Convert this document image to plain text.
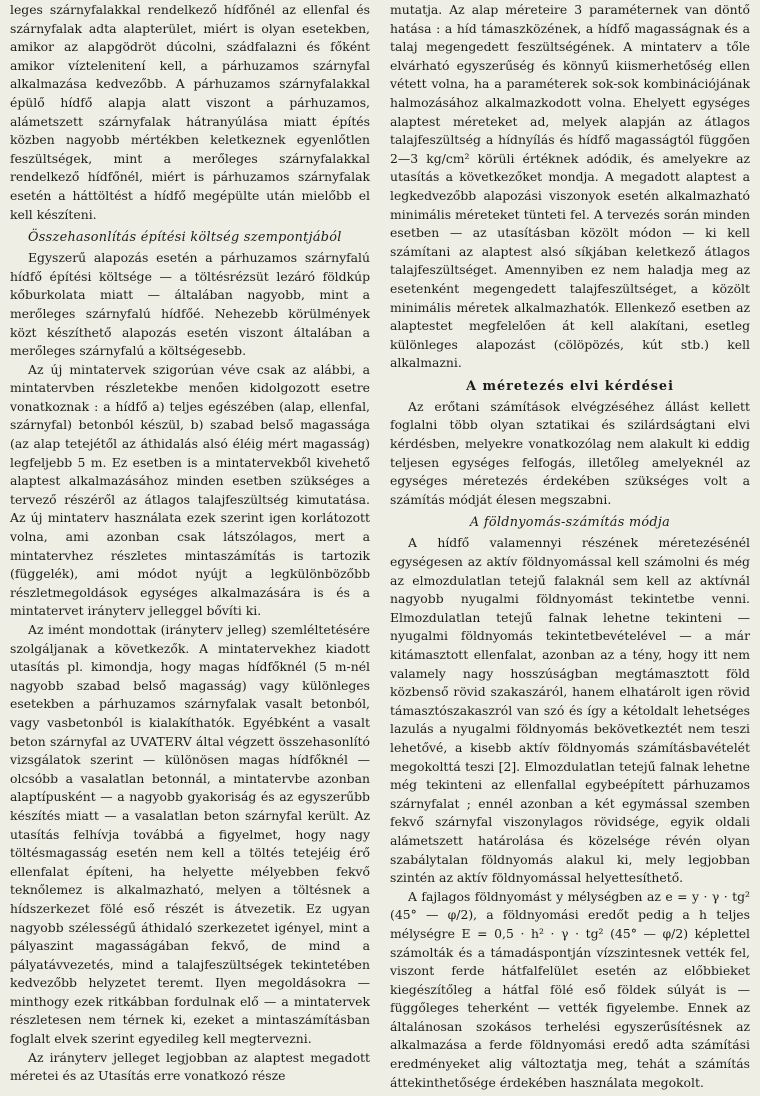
leges szárnyfalakkal rendelkező hídfőnél az ellenfal és szárnyfalak adta alapterület, miért is olyan esetekben, amikor az alapgödröt dúcolni, szádfalazni és főként amikor víztelenitení kell, a párhuzamos szárnyfal alkalmazása kedvezőbb. A párhuzamos szárnyfalakkal épülő hídfő alapja alatt viszont a párhuzamos, alámetszett szárnyfalak hátranyúlása miatt építés közben nagyobb mértékben keletkeznek egyenlőtlen feszültségek, mint a merőleges szárnyfalakkal rendelkező hídfőnél, miért is párhuzamos szárnyfalak esetén a háttöltést a hídfő megépülte után mielőbb el kell készíteni.

Összehasonlítás építési költség szempontjából

Egyszerű alapozás esetén a párhuzamos szárnyfalú hídfő építési költsége — a töltésrézsüt lezáró földkúp kőburkolata miatt — általában nagyobb, mint a merőleges szárnyfalú hídfőé. Nehezebb körülmények közt készíthető alapozás esetén viszont általában a merőleges szárnyfalú a költségesebb.

Az új mintatervek szigorúan véve csak az alábbi, a mintatervben részletekbe menően kidolgozott esetre vonatkoznak : a hídfő a) teljes egészében (alap, ellenfal, szárnyfal) betonból készül, b) szabad belső magassága (az alap tetejétől az áthidalás alsó éléig mért magasság) legfeljebb 5 m. Ez esetben is a mintatervekből kivehető alaptest alkalmazásához minden esetben szükséges a tervező részéről az átlagos talajfeszültség kimutatása. Az új mintaterv használata ezek szerint igen korlátozott volna, ami azonban csak látszólagos, mert a mintatervhez részletes mintaszámítás is tartozik (függelék), ami módot nyújt a legkülönbözőbb részletmegoldások egységes alkalmazására is és a mintatervet irányterv jelleggel bővíti ki.

Az imént mondottak (irányterv jelleg) szemléltetésére szolgáljanak a következők. A mintatervekhez kiadott utasítás pl. kimondja, hogy magas hídfőknél (5 m-nél nagyobb szabad belső magasság) vagy különleges esetekben a párhuzamos szárnyfalak vasalt betonból, vagy vasbetonból is kialakíthatók. Egyébként a vasalt beton szárnyfal az UVATERV által végzett összehasonlító vizsgálatok szerint — különösen magas hídfőknél — olcsóbb a vasalatlan betonnál, a mintatervbe azonban alaptípusként — a nagyobb gyakoriság és az egyszerűbb készítés miatt — a vasalatlan beton szárnyfal került. Az utasítás felhívja továbbá a figyelmet, hogy nagy töltésmagasság esetén nem kell a töltés tetejéig érő ellenfalat építeni, ha helyette mélyebben fekvő teknőlemez is alkalmazható, melyen a töltésnek a hídszerkezet fölé eső részét is átvezetik. Ez ugyan nagyobb szélességű áthidaló szerkezetet igényel, mint a pályaszint magasságában fekvő, de mind a pályatávvezetés, mind a talajfeszültségek tekintetében kedvezőbb helyzetet teremt. Ilyen megoldásokra — minthogy ezek ritkábban fordulnak elő — a mintatervek részletesen nem térnek ki, ezeket a mintaszámításban foglalt elvek szerint egyedileg kell megtervezni.

Az irányterv jelleget legjobban az alaptest megadott méretei és az Utasítás erre vonatkozó része

mutatja. Az alap méreteire 3 paraméternek van döntő hatása : a híd támaszközének, a hídfő magasságnak és a talaj megengedett feszültségének. A mintaterv a tőle elvárható egyszerűség és könnyű kiismerhetőség ellen vétett volna, ha a paraméterek sok-sok kombinációjának halmozásához alkalmazkodott volna. Ehelyett egységes alaptest méreteket ad, melyek alapján az átlagos talajfeszültség a hídnyílás és hídfő magasságtól függően 2—3 kg/cm² körüli értéknek adódik, és amelyekre az utasítás a következőket mondja. A megadott alaptest a legkedvezőbb alapozási viszonyok esetén alkalmazható minimális méreteket tünteti fel. A tervezés során minden esetben — az utasításban közölt módon — ki kell számítani az alaptest alsó síkjában keletkező átlagos talajfeszültséget. Amennyiben ez nem haladja meg az esetenként megengedett talajfeszültséget, a közölt minimális méretek alkalmazhatók. Ellenkező esetben az alaptestet megfelelően át kell alakítani, esetleg különleges alapozást (cölöpözés, kút stb.) kell alkalmazni.

A méretezés elvi kérdései

Az erőtani számítások elvégzéséhez állást kellett foglalni több olyan sztatikai és szilárdságtani elvi kérdésben, melyekre vonatkozólag nem alakult ki eddig teljesen egységes felfogás, illetőleg amelyeknél az egységes méretezés érdekében szükséges volt a számítás módját élesen megszabni.

A földnyomás-számítás módja

A hídfő valamennyi részének méretezésénél egységesen az aktív földnyomással kell számolni és még az elmozdulatlan tetejű falaknál sem kell az aktívnál nagyobb nyugalmi földnyomást tekintetbe venni. Elmozdulatlan tetejű falnak lehetne tekinteni — nyugalmi földnyomás tekintetbevételével — a már kitámasztott ellenfalat, azonban az a tény, hogy itt nem valamely nagy hosszúságban megtámasztott föld közbenső rövid szakaszáról, hanem elhatárolt igen rövid támasztószakaszról van szó és így a kétoldalt lehetséges lazulás a nyugalmi földnyomás bekövetkeztét nem teszi lehetővé, a kisebb aktív földnyomás számításbavételét megokolttá teszi [2]. Elmozdulatlan tetejű falnak lehetne még tekinteni az ellenfallal egybeépített párhuzamos szárnyfalat ; ennél azonban a két egymással szemben fekvő szárnyfal viszonylagos rövidsége, egyik oldali alámetszett határolása és közelsége révén olyan szabálytalan földnyomás alakul ki, mely legjobban szintén az aktív földnyomással helyettesíthető.

A fajlagos földnyomást y mélységben az e = y · γ · tg² (45° — φ/2), a földnyomási eredőt pedig a h teljes mélységre E = 0,5 · h² · γ · tg² (45° — φ/2) képlettel számolták és a támadáspontján vízszintesnek vették fel, viszont ferde hátfalfelület esetén az előbbieket kiegészítőleg a hátfal fölé eső földek súlyát is — függőleges teherként — vették figyelembe. Ennek az általánosan szokásos terhelési egyszerűsítésnek az alkalmazása a ferde földnyomási eredő adta számítási eredményeket alig változtatja meg, tehát a számítás áttekinthetősége érdekében használata megokolt.
